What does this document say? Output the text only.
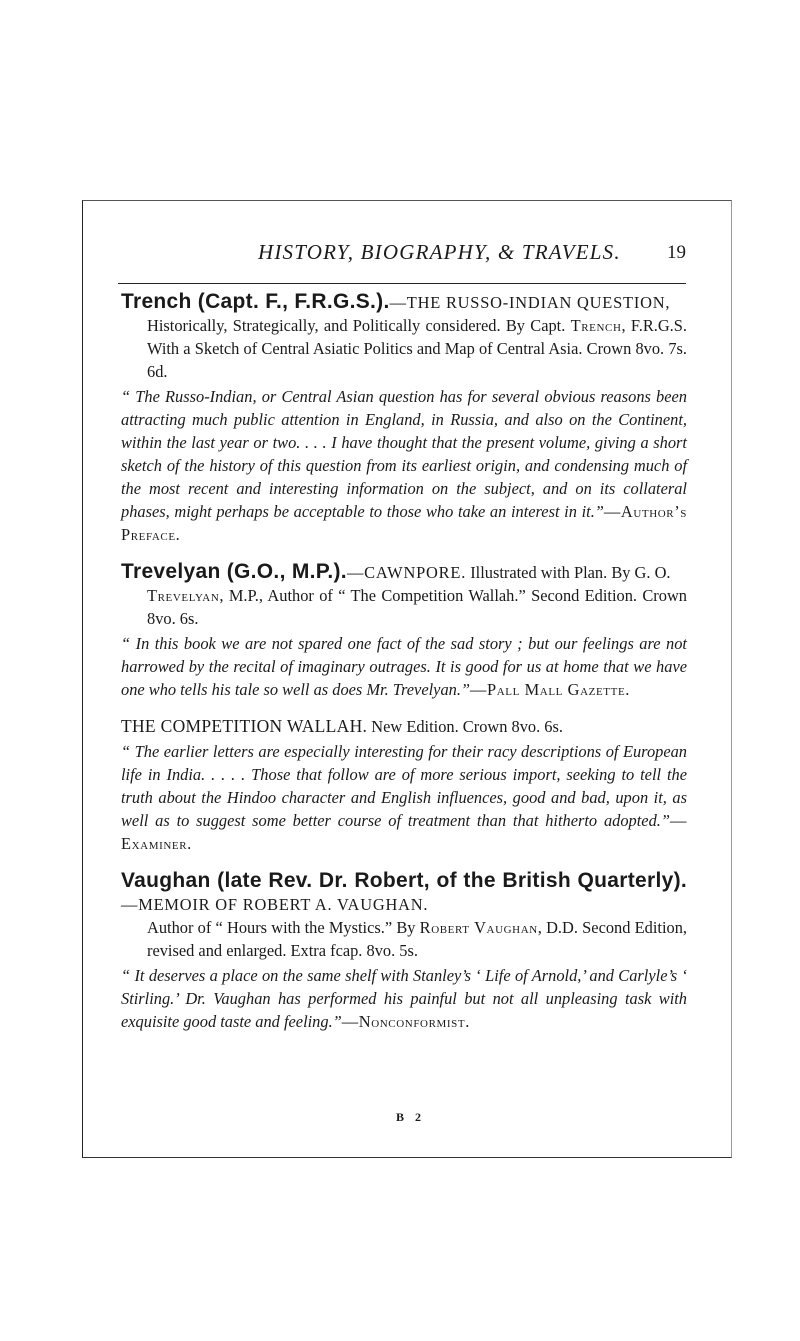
HISTORY, BIOGRAPHY, & TRAVELS. 19
Trench (Capt. F., F.R.G.S.).—THE RUSSO-INDIAN QUESTION,
Historically, Strategically, and Politically considered. By Capt. Trench, F.R.G.S. With a Sketch of Central Asiatic Politics and Map of Central Asia. Crown 8vo. 7s. 6d.
“ The Russo-Indian, or Central Asian question has for several obvious reasons been attracting much public attention in England, in Russia, and also on the Continent, within the last year or two. . . . I have thought that the present volume, giving a short sketch of the history of this question from its earliest origin, and condensing much of the most recent and interesting information on the subject, and on its collateral phases, might perhaps be acceptable to those who take an interest in it.”—Author’s Preface.
Trevelyan (G.O., M.P.).—CAWNPORE. Illustrated with Plan. By G. O.
Trevelyan, M.P., Author of “ The Competition Wallah.” Second Edition. Crown 8vo. 6s.
“ In this book we are not spared one fact of the sad story ; but our feelings are not harrowed by the recital of imaginary outrages. It is good for us at home that we have one who tells his tale so well as does Mr. Trevelyan.”—Pall Mall Gazette.
THE COMPETITION WALLAH. New Edition. Crown 8vo. 6s.
“ The earlier letters are especially interesting for their racy descriptions of European life in India. . . . . Those that follow are of more serious import, seeking to tell the truth about the Hindoo character and English influences, good and bad, upon it, as well as to suggest some better course of treatment than that hitherto adopted.”—Examiner.
Vaughan (late Rev. Dr. Robert, of the British Quarterly).—MEMOIR OF ROBERT A. VAUGHAN.
Author of “ Hours with the Mystics.” By Robert Vaughan, D.D. Second Edition, revised and enlarged. Extra fcap. 8vo. 5s.
“ It deserves a place on the same shelf with Stanley’s ‘ Life of Arnold,’ and Carlyle’s ‘ Stirling.’ Dr. Vaughan has performed his painful but not all unpleasing task with exquisite good taste and feeling.”—Nonconformist.
B 2
